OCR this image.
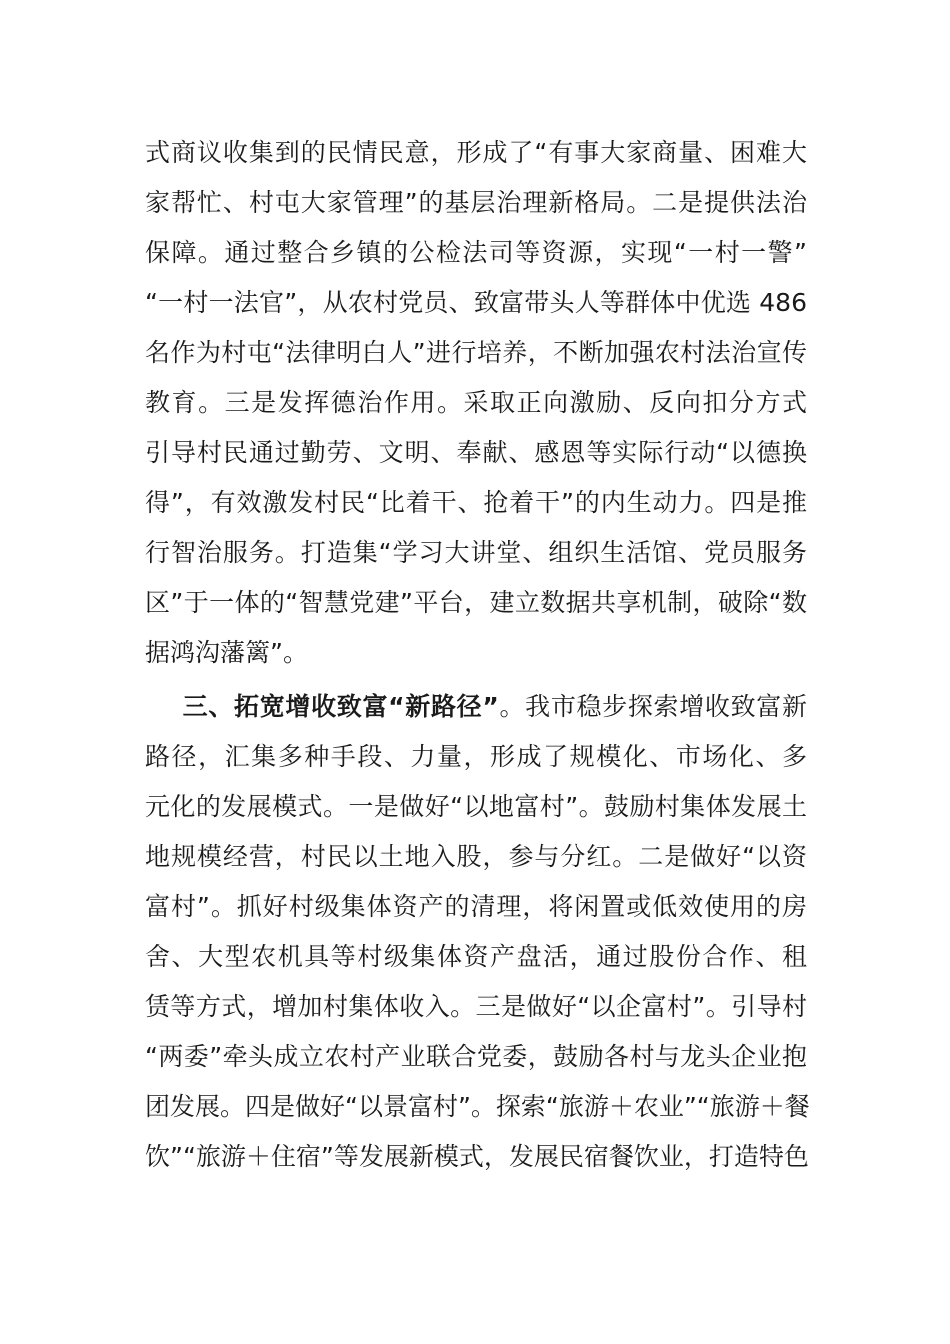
式商议收集到的民情民意，形成了“有事大家商量、困难大
家帮忙、村屯大家管理”的基层治理新格局。二是提供法治
保障。通过整合乡镇的公检法司等资源，实现“一村一警”
“一村一法官”，从农村党员、致富带头人等群体中优选 486
名作为村屯“法律明白人”进行培养，不断加强农村法治宣传
教育。三是发挥德治作用。采取正向激励、反向扣分方式
引导村民通过勤劳、文明、奉献、感恩等实际行动“以德换
得”，有效激发村民“比着干、抢着干”的内生动力。四是推
行智治服务。打造集“学习大讲堂、组织生活馆、党员服务
区”于一体的“智慧党建”平台，建立数据共享机制，破除“数
据鸿沟藩篱”。
三、拓宽增收致富“新路径”。我市稳步探索增收致富新
路径，汇集多种手段、力量，形成了规模化、市场化、多
元化的发展模式。一是做好“以地富村”。鼓励村集体发展土
地规模经营，村民以土地入股，参与分红。二是做好“以资
富村”。抓好村级集体资产的清理，将闲置或低效使用的房
舍、大型农机具等村级集体资产盘活，通过股份合作、租
赁等方式，增加村集体收入。三是做好“以企富村”。引导村
“两委”牵头成立农村产业联合党委，鼓励各村与龙头企业抱
团发展。四是做好“以景富村”。探索“旅游＋农业”“旅游＋餐
饮”“旅游＋住宿”等发展新模式，发展民宿餐饮业，打造特色
